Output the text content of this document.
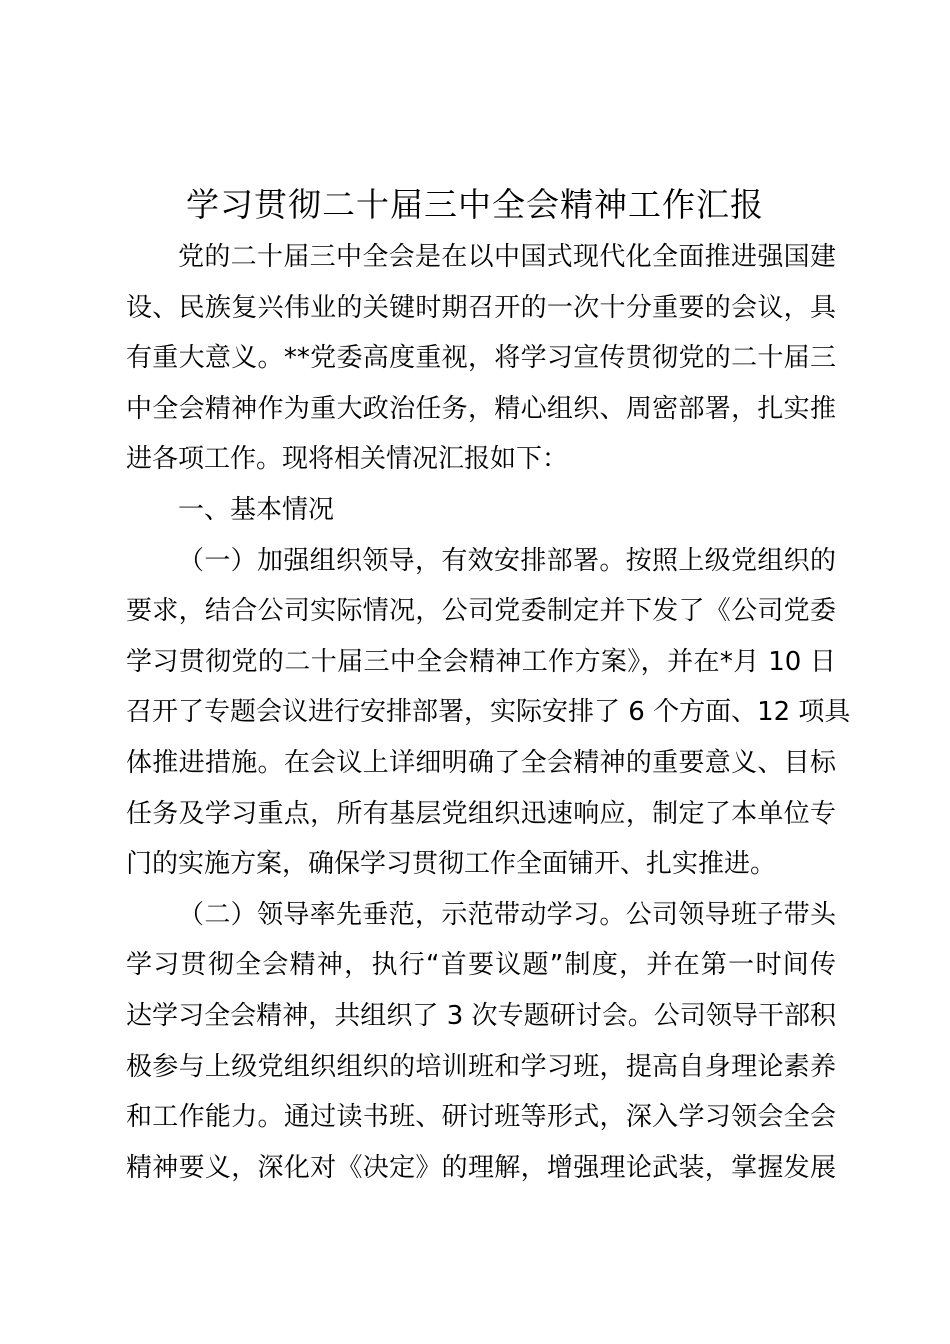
学习贯彻二十届三中全会精神工作汇报
党的二十届三中全会是在以中国式现代化全面推进强国建
设、民族复兴伟业的关键时期召开的一次十分重要的会议，具
有重大意义。**党委高度重视，将学习宣传贯彻党的二十届三
中全会精神作为重大政治任务，精心组织、周密部署，扎实推
进各项工作。现将相关情况汇报如下：
一、基本情况
（一）加强组织领导，有效安排部署。按照上级党组织的
要求，结合公司实际情况，公司党委制定并下发了《公司党委
学习贯彻党的二十届三中全会精神工作方案》，并在*月 10 日
召开了专题会议进行安排部署，实际安排了 6 个方面、12 项具
体推进措施。在会议上详细明确了全会精神的重要意义、目标
任务及学习重点，所有基层党组织迅速响应，制定了本单位专
门的实施方案，确保学习贯彻工作全面铺开、扎实推进。
（二）领导率先垂范，示范带动学习。公司领导班子带头
学习贯彻全会精神，执行“首要议题”制度，并在第一时间传
达学习全会精神，共组织了 3 次专题研讨会。公司领导干部积
极参与上级党组织组织的培训班和学习班，提高自身理论素养
和工作能力。通过读书班、研讨班等形式，深入学习领会全会
精神要义，深化对《决定》的理解，增强理论武装，掌握发展
